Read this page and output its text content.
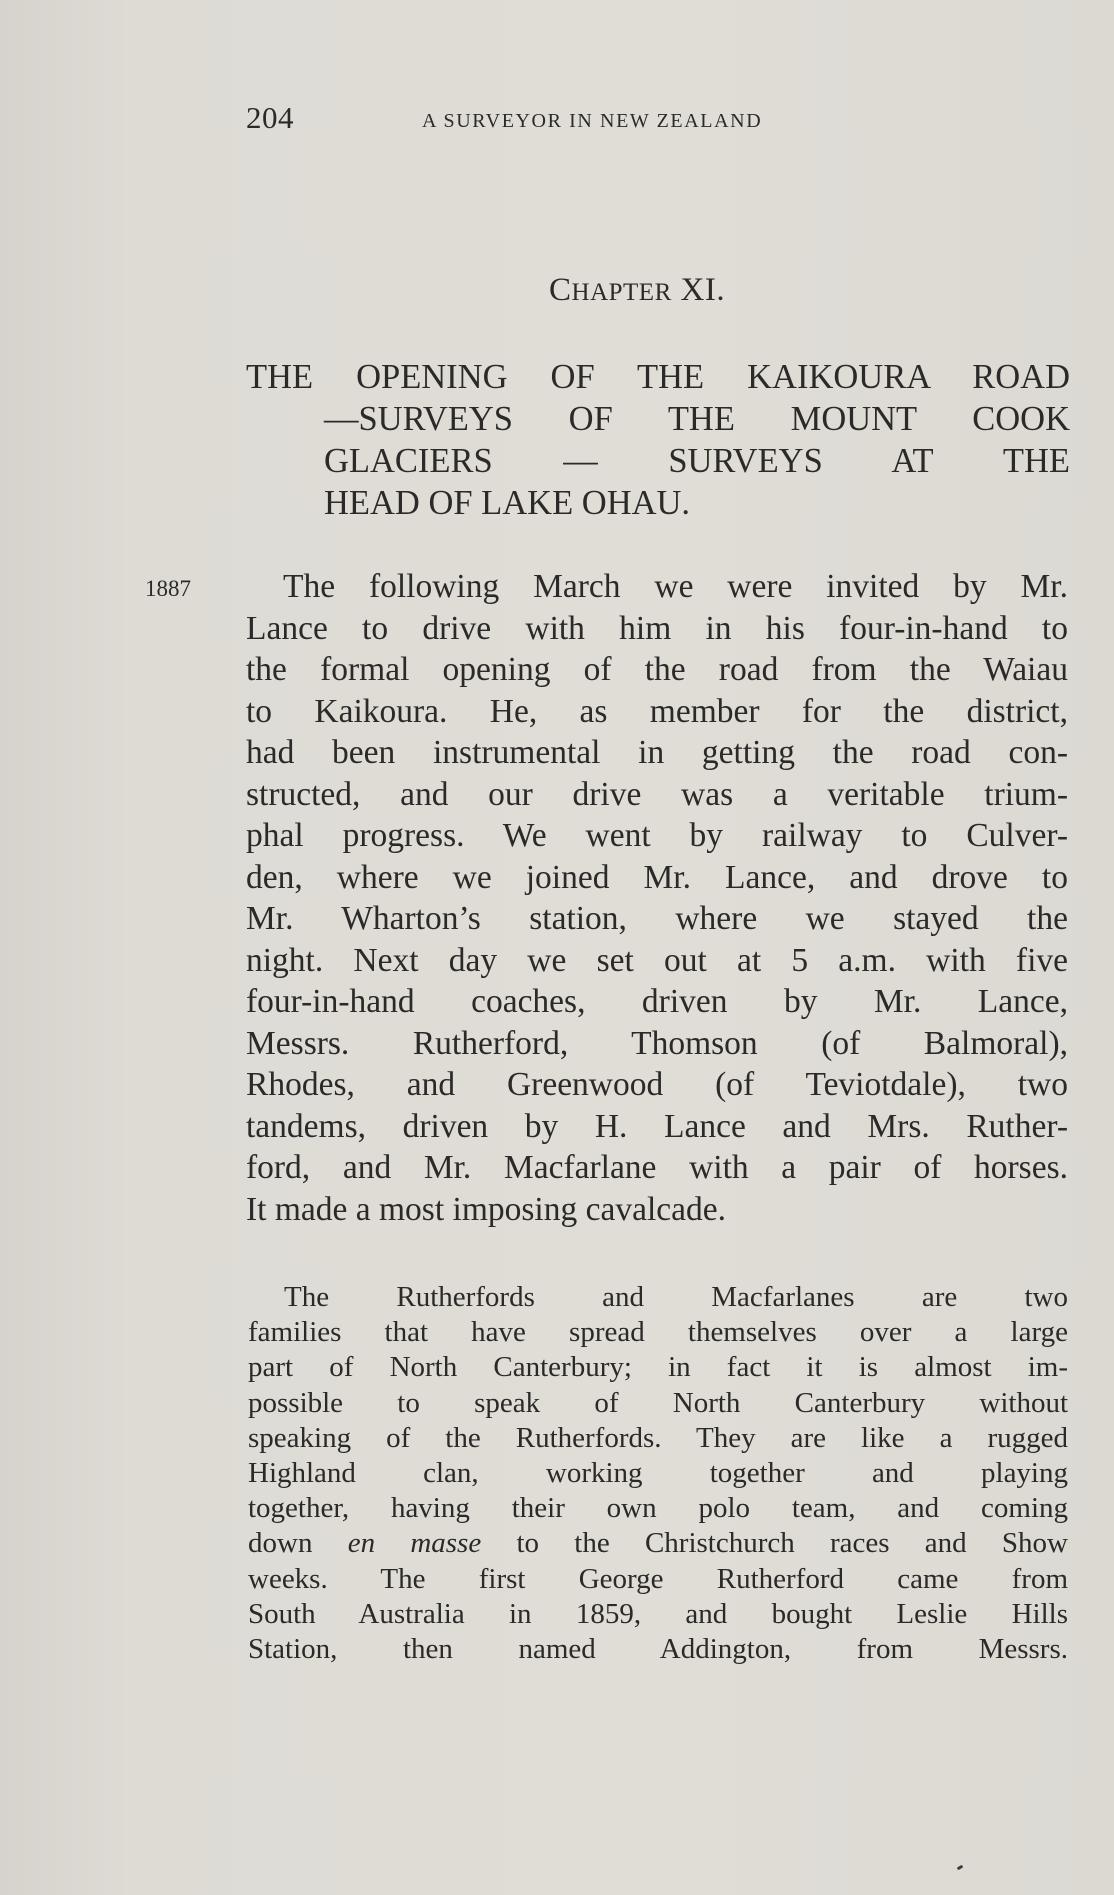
204	A SURVEYOR IN NEW ZEALAND
CHAPTER XI.
THE OPENING OF THE KAIKOURA ROAD
—SURVEYS OF THE MOUNT COOK
GLACIERS — SURVEYS AT THE
HEAD OF LAKE OHAU.
1887	The following March we were invited by Mr.
Lance to drive with him in his four-in-hand to
the formal opening of the road from the Waiau
to Kaikoura. He, as member for the district,
had been instrumental in getting the road con-
structed, and our drive was a veritable trium-
phal progress. We went by railway to Culver-
den, where we joined Mr. Lance, and drove to
Mr. Wharton’s station, where we stayed the
night. Next day we set out at 5 a.m. with five
four-in-hand coaches, driven by Mr. Lance,
Messrs. Rutherford, Thomson (of Balmoral),
Rhodes, and Greenwood (of Teviotdale), two
tandems, driven by H. Lance and Mrs. Ruther-
ford, and Mr. Macfarlane with a pair of horses.
It made a most imposing cavalcade.
The Rutherfords and Macfarlanes are two
families that have spread themselves over a large
part of North Canterbury; in fact it is almost im-
possible to speak of North Canterbury without
speaking of the Rutherfords. They are like a rugged
Highland clan, working together and playing
together, having their own polo team, and coming
down en masse to the Christchurch races and Show
weeks. The first George Rutherford came from
South Australia in 1859, and bought Leslie Hills
Station, then named Addington, from Messrs.
